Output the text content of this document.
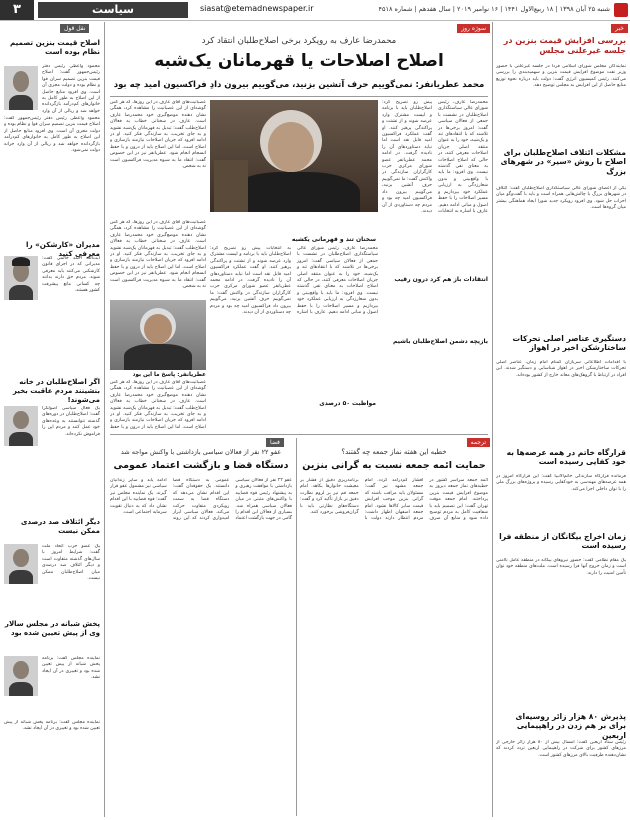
۳	سیاست	siasat@etemadnewspaper.ir	شنبه ۲۵ آبان ۱۳۹۸ | ۱۸ ربیع‌الاول ۱۴۴۱ | ۱۶ نوامبر ۲۰۱۹ | سال هفدهم | شماره ۴۵۱۸
خبر
بررسی افزایش قیمت بنزین در جلسه غیرعلنی مجلس
نمایندگان مجلس شورای اسلامی فردا در جلسه غیرعلنی با حضور وزیر نفت موضوع افزایش قیمت بنزین و سهمیه‌بندی را بررسی می‌کنند. رئیس کمیسیون انرژی گفت: دولت باید درباره نحوه توزیع منابع حاصل از این افزایش به مجلس توضیح دهد.
مشکلات ائتلاف اصلاح‌طلبان برای اصلاح با روش «سیر» در شهرهای بزرگ
یکی از اعضای شورای عالی سیاستگذاری اصلاح‌طلبان گفت: ائتلاف در شهرهای بزرگ با چالش‌هایی همراه است و باید با گفت‌وگو میان احزاب حل شود. وی افزود رویکرد جدید شورا ایجاد هماهنگی بیشتر میان گروه‌ها است.
دستگیری عناصر اصلی تحرکات ساختارشکن اخیر در اهواز
با اقدامات اطلاعاتی سربازان گمنام امام زمان، عناصر اصلی تحرکات ساختارشکن اخیر در اهواز شناسایی و دستگیر شدند. این افراد در ارتباط با گروهک‌های معاند خارج از کشور بوده‌اند.
قرارگاه خاتم در همه عرصه‌ها به خود کفایی رسیده است
فرمانده قرارگاه سازندگی خاتم‌الانبیا گفت: این قرارگاه امروز در همه عرصه‌های مهندسی به خودکفایی رسیده و پروژه‌های بزرگ ملی را با توان داخلی اجرا می‌کند.
زمان اخراج بیگانگان از منطقه فرا رسیده است
یک مقام نظامی گفت: حضور نیروهای بیگانه در منطقه عامل ناامنی است و زمان خروج آنها فرا رسیده است. ملت‌های منطقه خود توان تأمین امنیت را دارند.
پذیرش ۸۰ هزار زائر روسیه‌ای برای بر هم زدن در راهپیمایی اربعین
رئیس ستاد اربعین گفت: امسال بیش از ۸۰ هزار زائر خارجی از مرزهای کشور برای شرکت در راهپیمایی اربعین تردد کردند که نشان‌دهنده ظرفیت بالای مرزهای کشور است.
نقل قول
اصلاح قیمت بنزین تصمیم نظام بوده است
محمود واعظی رئیس دفتر رئیس‌جمهور گفت: اصلاح قیمت بنزین تصمیم سران قوا و نظام بوده و دولت مجری آن است. وی افزود منابع حاصل از این اصلاح به طور کامل به خانوارهای کم‌درآمد بازگردانده خواهد شد و ریالی از آن وارد
محمود واعظی رئیس دفتر رئیس‌جمهور گفت: اصلاح قیمت بنزین تصمیم سران قوا و نظام بوده و دولت مجری آن است. وی افزود منابع حاصل از این اصلاح به طور کامل به خانوارهای کم‌درآمد بازگردانده خواهد شد و ریالی از آن وارد خزانه دولت نمی‌شود.
مدیران «کارشکن» را معرفی کنید
آیت‌الله احمد خاتمی گفت: مدیرانی که در اجرای قانون کارشکنی می‌کنند باید معرفی شوند. مردم حق دارند بدانند چه کسانی مانع پیشرفت کشور هستند.
اگر اصلاح‌طلبان در خانه بنشینند مردم عاقبت بخیر می‌شوند!
یک فعال سیاسی اصولگرا گفت: اصلاح‌طلبان در دوره‌های گذشته نتوانستند به وعده‌های خود عمل کنند و مردم این را فراموش نکرده‌اند.
دیگر ائتلاف صد درصدی ممکن نیست
یک عضو حزب اتحاد ملت گفت: شرایط امروز با سال‌های گذشته متفاوت است و دیگر ائتلاف صد درصدی میان اصلاح‌طلبان ممکن نیست.
پخش شبانه در مجلس سالار وی از پیش تعیین شده بود
نماینده مجلس گفت: برنامه پخش شبانه از پیش تعیین شده بود و تغییری در آن ایجاد نشد.
نماینده مجلس گفت: برنامه پخش شبانه از پیش تعیین شده بود و تغییری در آن ایجاد نشد.
سوژه روز
محمدرضا عارف به رویکرد برخی اصلاح‌طلبان انتقاد کرد
اصلاح اصلاحات یا قهرمانان یک‌شبه
محمد عطریانفر: نمی‌گوییم حرف آتشین بزنید، می‌گوییم بیرون دادِ فراکسیون امید چه بود
محمدرضا عارف، رئیس شورای عالی سیاستگذاری اصلاح‌طلبان در نشست با جمعی از فعالان سیاسی گفت: امروز برخی‌ها در تلاشند که با انتقادهای تند و یک‌شبه، خود را به عنوان منتقد اصلی جریان اصلاحات معرفی کنند، در حالی که اصلاح اصلاحات به معنای نفی گذشته نیست. وی افزود: ما باید با واقع‌بینی و بدون شعارزدگی به ارزیابی عملکرد خود بپردازیم و مسیر اصلاحات را با حفظ اصول و مبانی ادامه دهیم. عارف با اشاره به انتخابات پیش رو تصریح کرد: اصلاح‌طلبان باید با برنامه و لیست مشترک وارد عرصه شوند و از تشتت و پراکندگی پرهیز کنند. او گفت عملکرد فراکسیون امید قابل نقد است اما نباید دستاوردهای آن را نادیده گرفت. در ادامه محمد عطریانفر عضو شورای مرکزی حزب کارگزاران سازندگی در واکنش گفت: ما نمی‌گوییم حرف آتشین بزنید، می‌گوییم بیرون داد فراکسیون امید چه بود و مردم چه دستاوردی از آن دیدند.
عصبانیت‌های آقای عارف در این روزها، که هر کس گوشه‌ای از این عصبانیت را مشاهده کرد، همگی نشان دهنده موضع‌گیری خود محمدرضا عارف است. عارف در سخنانی خطاب به فعالان اصلاح‌طلب گفت: تبدیل به قهرمانان یک‌شبه نشوید و به جای تخریب، به سازندگی فکر کنید. او در ادامه افزود که جریان اصلاحات نیازمند بازسازی و اصلاح است، اما این اصلاح باید از درون و با حفظ انسجام انجام شود. عطریانفر نیز در این خصوص گفت: انتقاد ما به شیوه مدیریت فراکسیون است نه به شخص.
سخنان تند و قهرمانی یکشبه
محمدرضا عارف، رئیس شورای عالی سیاستگذاری اصلاح‌طلبان در نشست با جمعی از فعالان سیاسی گفت: امروز برخی‌ها در تلاشند که با انتقادهای تند و یک‌شبه، خود را به عنوان منتقد اصلی جریان اصلاحات معرفی کنند، در حالی که اصلاح اصلاحات به معنای نفی گذشته نیست. وی افزود: ما باید با واقع‌بینی و بدون شعارزدگی به ارزیابی عملکرد خود بپردازیم و مسیر اصلاحات را با حفظ اصول و مبانی ادامه دهیم. عارف با اشاره به انتخابات پیش رو تصریح کرد: اصلاح‌طلبان باید با برنامه و لیست مشترک وارد عرصه شوند و از تشتت و پراکندگی پرهیز کنند. او گفت عملکرد فراکسیون امید قابل نقد است اما نباید دستاوردهای آن را نادیده گرفت. در ادامه محمد عطریانفر عضو شورای مرکزی حزب کارگزاران سازندگی در واکنش گفت: ما نمی‌گوییم حرف آتشین بزنید، می‌گوییم بیرون داد فراکسیون امید چه بود و مردم چه دستاوردی از آن دیدند.
عطریانفر: پاسخ ما این بود
عصبانیت‌های آقای عارف در این روزها، که هر کس گوشه‌ای از این عصبانیت را مشاهده کرد، همگی نشان دهنده موضع‌گیری خود محمدرضا عارف است. عارف در سخنانی خطاب به فعالان اصلاح‌طلب گفت: تبدیل به قهرمانان یک‌شبه نشوید و به جای تخریب، به سازندگی فکر کنید. او در ادامه افزود که جریان اصلاحات نیازمند بازسازی و اصلاح است، اما این اصلاح باید از درون و با حفظ انسجام انجام شود. عطریانفر نیز در این خصوص گفت: انتقاد ما به شیوه مدیریت فراکسیون است نه به شخص.
عصبانیت‌های آقای عارف در این روزها، که هر کس گوشه‌ای از این عصبانیت را مشاهده کرد، همگی نشان دهنده موضع‌گیری خود محمدرضا عارف است. عارف در سخنانی خطاب به فعالان اصلاح‌طلب گفت: تبدیل به قهرمانان یک‌شبه نشوید و به جای تخریب، به سازندگی فکر کنید. او در ادامه افزود که جریان اصلاحات نیازمند بازسازی و اصلاح است، اما این اصلاح باید از درون و با حفظ
مواظبت ۵۰ درصدی
انتقادات باز هم کرد درون رقیب
بازیچه دشمن اصلاح‌طلبان باشیم
ترجمه
خطبه این هفته نماز جمعه چه گفتند؟
حمایت ائمه جمعه نسبت به گرانی بنزین
ائمه جمعه سراسر کشور در خطبه‌های نماز جمعه دیروز به موضوع افزایش قیمت بنزین پرداختند. امام جمعه موقت تهران گفت: این تصمیم باید با شفافیت کامل به مردم توضیح داده شود و منابع آن صرف اقشار کم‌درآمد گردد. امام جمعه مشهد نیز گفت: مسئولان باید مراقب باشند که گرانی بنزین موجب افزایش قیمت سایر کالاها نشود. امام جمعه اصفهان اظهار داشت: مردم انتظار دارند دولت با برنامه‌ریزی دقیق از فشار بر معیشت خانوارها بکاهد. امام جمعه قم نیز بر لزوم نظارت دقیق بر بازار تأکید کرد و گفت: دستگاه‌های نظارتی باید با گران‌فروشی برخورد کنند.
فضا
عفو ۲۲ نفر از فعالان سیاسی بازداشتی با واکنش مواجه شد
دستگاه قضا و بازگشت اعتماد عمومی
عفو ۲۲ نفر از فعالان سیاسی بازداشتی با موافقت رهبری و به پیشنهاد رئیس قوه قضاییه با واکنش‌های مثبتی در میان فعالان سیاسی همراه شد. بسیاری از فعالان این اقدام را گامی در جهت بازگشت اعتماد عمومی به دستگاه قضا دانستند. یک حقوقدان گفت: این اقدام نشان می‌دهد که دستگاه قضا به سمت رویکردی متفاوت حرکت می‌کند. فعالان سیاسی ابراز امیدواری کردند که این روند ادامه یابد و سایر زندانیان سیاسی نیز مشمول عفو قرار گیرند. یک نماینده مجلس نیز گفت: قوه قضاییه با این اقدام نشان داد که به دنبال تقویت سرمایه اجتماعی است.
